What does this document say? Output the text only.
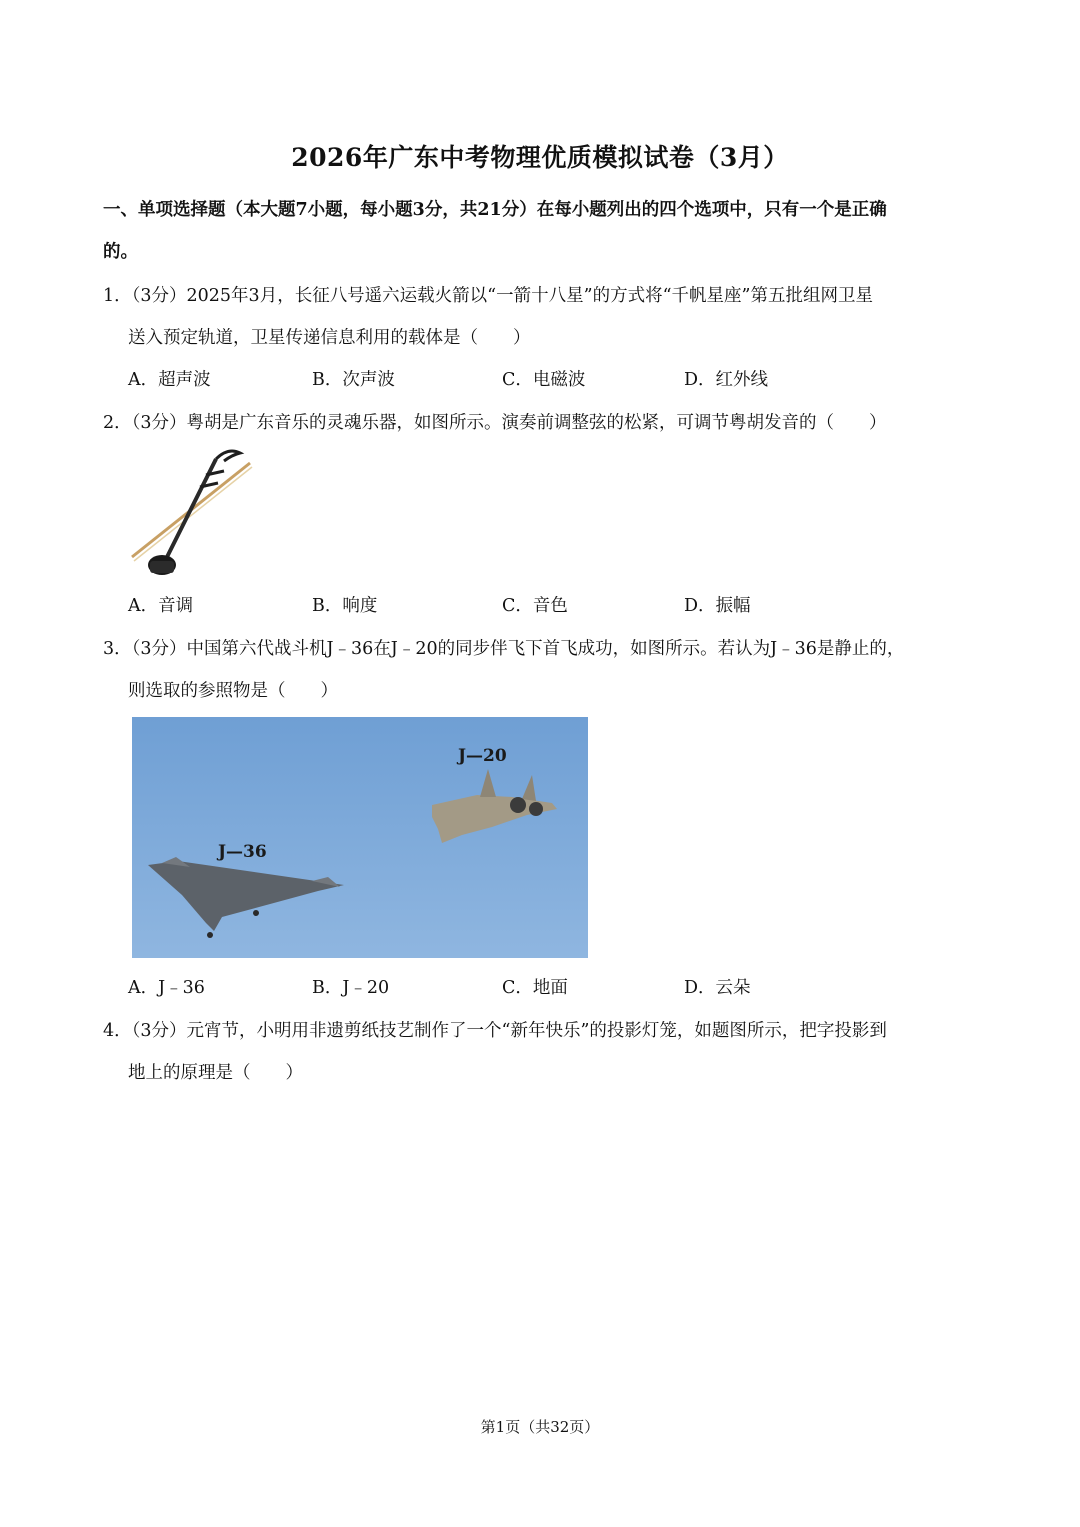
2026年广东中考物理优质模拟试卷（3月）
一、单项选择题（本大题7小题，每小题3分，共21分）在每小题列出的四个选项中，只有一个是正确
的。
1．（3分）2025年3月，长征八号遥六运载火箭以“一箭十八星”的方式将“千帆星座”第五批组网卫星
送入预定轨道，卫星传递信息利用的载体是（　　）
A．超声波	B．次声波	C．电磁波	D．红外线
2．（3分）粤胡是广东音乐的灵魂乐器，如图所示。演奏前调整弦的松紧，可调节粤胡发音的（　　）
A．音调	B．响度	C．音色	D．振幅
3．（3分）中国第六代战斗机J﹣36在J﹣20的同步伴飞下首飞成功，如图所示。若认为J﹣36是静止的，
则选取的参照物是（　　）
J—20
J—36
A．J﹣36	B．J﹣20	C．地面	D．云朵
4．（3分）元宵节，小明用非遗剪纸技艺制作了一个“新年快乐”的投影灯笼，如题图所示，把字投影到
地上的原理是（　　）
第1页（共32页）
